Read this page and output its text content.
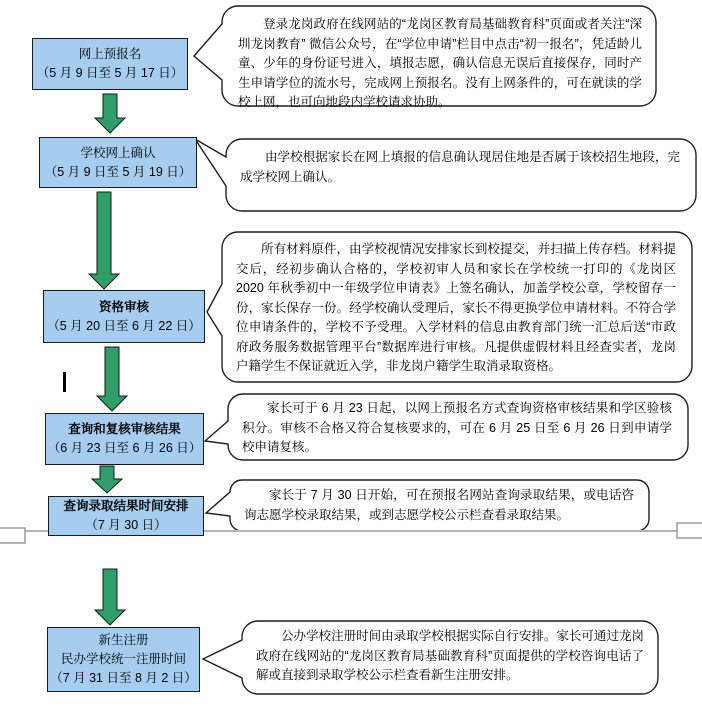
网上预报名
（5 月 9 日至 5 月 17 日）
学校网上确认
（5 月 9 日至 5 月 19 日）
资格审核
（5 月 20 日至 6 月 22 日）
查询和复核审核结果
（6 月 23 日至 6 月 26 日）
查询录取结果时间安排
（7 月 30 日）
新生注册
民办学校统一注册时间
（7 月 31 日至 8 月 2 日）
登录龙岗政府在线网站的“龙岗区教育局基础教育科”页面或者关注“深圳龙岗教育” 微信公众号，在“学位申请”栏目中点击“初一报名”，凭适龄儿童、少年的身份证号进入，填报志愿，确认信息无误后直接保存，同时产生申请学位的流水号，完成网上预报名。没有上网条件的，可在就读的学校上网，也可向地段内学校请求协助。
由学校根据家长在网上填报的信息确认现居住地是否属于该校招生地段，完成学校网上确认。
所有材料原件，由学校视情况安排家长到校提交，并扫描上传存档。材料提交后，经初步确认合格的，学校初审人员和家长在学校统一打印的《龙岗区 2020 年秋季初中一年级学位申请表》上签名确认，加盖学校公章，学校留存一份，家长保存一份。经学校确认受理后，家长不得更换学位申请材料。不符合学位申请条件的，学校不予受理。入学材料的信息由教育部门统一汇总后送“市政府政务服务数据管理平台”数据库进行审核。凡提供虚假材料且经查实者，龙岗户籍学生不保证就近入学，非龙岗户籍学生取消录取资格。
家长可于 6 月 23 日起，以网上预报名方式查询资格审核结果和学区验核积分。审核不合格又符合复核要求的，可在 6 月 25 日至 6 月 26 日到申请学校申请复核。
家长于 7 月 30 日开始，可在预报名网站查询录取结果，或电话咨询志愿学校录取结果，或到志愿学校公示栏查看录取结果。
公办学校注册时间由录取学校根据实际自行安排。家长可通过龙岗政府在线网站的“龙岗区教育局基础教育科”页面提供的学校咨询电话了解或直接到录取学校公示栏查看新生注册安排。
